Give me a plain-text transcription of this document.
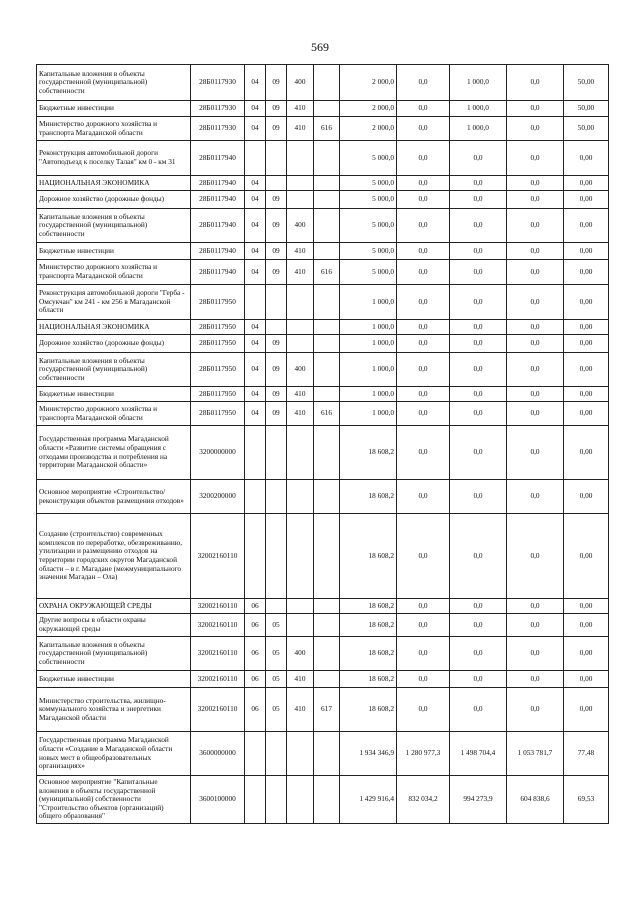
569
Капитальные вложения в объекты государственной (муниципальной) собственности	28Б0117930	04	09	400		2 000,0	0,0	1 000,0	0,0	50,00
Бюджетные инвестиции	28Б0117930	04	09	410		2 000,0	0,0	1 000,0	0,0	50,00
Министерство дорожного хозяйства и транспорта Магаданской области	28Б0117930	04	09	410	616	2 000,0	0,0	1 000,0	0,0	50,00
Реконструкция автомобильной дороги "Автоподъезд к поселку Талая" км 0 - км 31	28Б0117940					5 000,0	0,0	0,0	0,0	0,00
НАЦИОНАЛЬНАЯ ЭКОНОМИКА	28Б0117940	04				5 000,0	0,0	0,0	0,0	0,00
Дорожное хозяйство (дорожные фонды)	28Б0117940	04	09			5 000,0	0,0	0,0	0,0	0,00
Капитальные вложения в объекты государственной (муниципальной) собственности	28Б0117940	04	09	400		5 000,0	0,0	0,0	0,0	0,00
Бюджетные инвестиции	28Б0117940	04	09	410		5 000,0	0,0	0,0	0,0	0,00
Министерство дорожного хозяйства и транспорта Магаданской области	28Б0117940	04	09	410	616	5 000,0	0,0	0,0	0,0	0,00
Реконструкция автомобильной дороги "Герба - Омсукчан" км 241 - км 256 в Магаданской области	28Б0117950					1 000,0	0,0	0,0	0,0	0,00
НАЦИОНАЛЬНАЯ ЭКОНОМИКА	28Б0117950	04				1 000,0	0,0	0,0	0,0	0,00
Дорожное хозяйство (дорожные фонды)	28Б0117950	04	09			1 000,0	0,0	0,0	0,0	0,00
Капитальные вложения в объекты государственной (муниципальной) собственности	28Б0117950	04	09	400		1 000,0	0,0	0,0	0,0	0,00
Бюджетные инвестиции	28Б0117950	04	09	410		1 000,0	0,0	0,0	0,0	0,00
Министерство дорожного хозяйства и транспорта Магаданской области	28Б0117950	04	09	410	616	1 000,0	0,0	0,0	0,0	0,00
Государственная программа Магаданской области «Развитие системы обращения с отходами производства и потребления на территории Магаданской области»	3200000000					18 608,2	0,0	0,0	0,0	0,00
Основное мероприятие «Строительство/реконструкция объектов размещения отходов»	3200200000					18 608,2	0,0	0,0	0,0	0,00
Создание (строительство) современных комплексов по переработке, обезвреживанию, утилизации и размещению отходов на территории городских округов Магаданской области – в г. Магадане (межмуниципального значения Магадан – Ола)	32002160110					18 608,2	0,0	0,0	0,0	0,00
ОХРАНА ОКРУЖАЮЩЕЙ СРЕДЫ	32002160110	06				18 608,2	0,0	0,0	0,0	0,00
Другие вопросы в области охраны окружающей среды	32002160110	06	05			18 608,2	0,0	0,0	0,0	0,00
Капитальные вложения в объекты государственной (муниципальной) собственности	32002160110	06	05	400		18 608,2	0,0	0,0	0,0	0,00
Бюджетные инвестиции	32002160110	06	05	410		18 608,2	0,0	0,0	0,0	0,00
Министерство строительства, жилищно-коммунального хозяйства и энергетики Магаданской области	32002160110	06	05	410	617	18 608,2	0,0	0,0	0,0	0,00
Государственная программа Магаданской области «Создание в Магаданской области новых мест в общеобразовательных организациях»	3600000000					1 934 346,9	1 280 977,3	1 498 704,4	1 053 781,7	77,48
Основное мероприятие "Капитальные вложения в объекты государственной (муниципальной) собственности "Строительство объектов (организаций) общего образования"	3600100000					1 429 916,4	832 034,2	994 273,9	604 838,6	69,53
